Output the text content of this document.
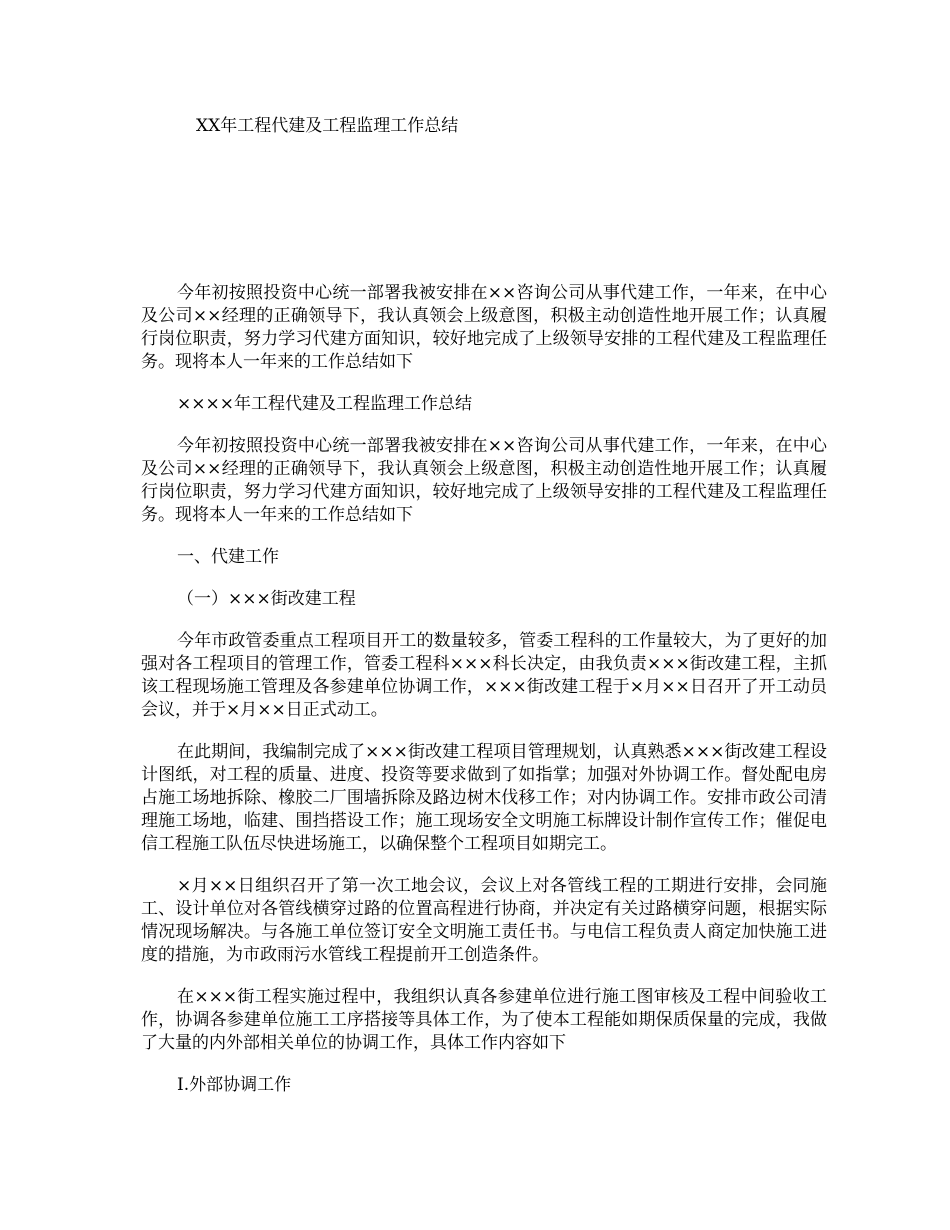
XX年工程代建及工程监理工作总结

今年初按照投资中心统一部署我被安排在××咨询公司从事代建工作，一年来，在中心及公司××经理的正确领导下，我认真领会上级意图，积极主动创造性地开展工作；认真履行岗位职责，努力学习代建方面知识，较好地完成了上级领导安排的工程代建及工程监理任务。现将本人一年来的工作总结如下

××××年工程代建及工程监理工作总结

今年初按照投资中心统一部署我被安排在××咨询公司从事代建工作，一年来，在中心及公司××经理的正确领导下，我认真领会上级意图，积极主动创造性地开展工作；认真履行岗位职责，努力学习代建方面知识，较好地完成了上级领导安排的工程代建及工程监理任务。现将本人一年来的工作总结如下

一、代建工作

（一）×××街改建工程

今年市政管委重点工程项目开工的数量较多，管委工程科的工作量较大，为了更好的加强对各工程项目的管理工作，管委工程科×××科长决定，由我负责×××街改建工程，主抓该工程现场施工管理及各参建单位协调工作，×××街改建工程于×月××日召开了开工动员会议，并于×月××日正式动工。

在此期间，我编制完成了×××街改建工程项目管理规划，认真熟悉×××街改建工程设计图纸，对工程的质量、进度、投资等要求做到了如指掌；加强对外协调工作。督处配电房占施工场地拆除、橡胶二厂围墙拆除及路边树木伐移工作；对内协调工作。安排市政公司清理施工场地，临建、围挡搭设工作；施工现场安全文明施工标牌设计制作宣传工作；催促电信工程施工队伍尽快进场施工，以确保整个工程项目如期完工。

×月××日组织召开了第一次工地会议，会议上对各管线工程的工期进行安排，会同施工、设计单位对各管线横穿过路的位置高程进行协商，并决定有关过路横穿问题，根据实际情况现场解决。与各施工单位签订安全文明施工责任书。与电信工程负责人商定加快施工进度的措施，为市政雨污水管线工程提前开工创造条件。

在×××街工程实施过程中，我组织认真各参建单位进行施工图审核及工程中间验收工作，协调各参建单位施工工序搭接等具体工作，为了使本工程能如期保质保量的完成，我做了大量的内外部相关单位的协调工作，具体工作内容如下

I.外部协调工作
